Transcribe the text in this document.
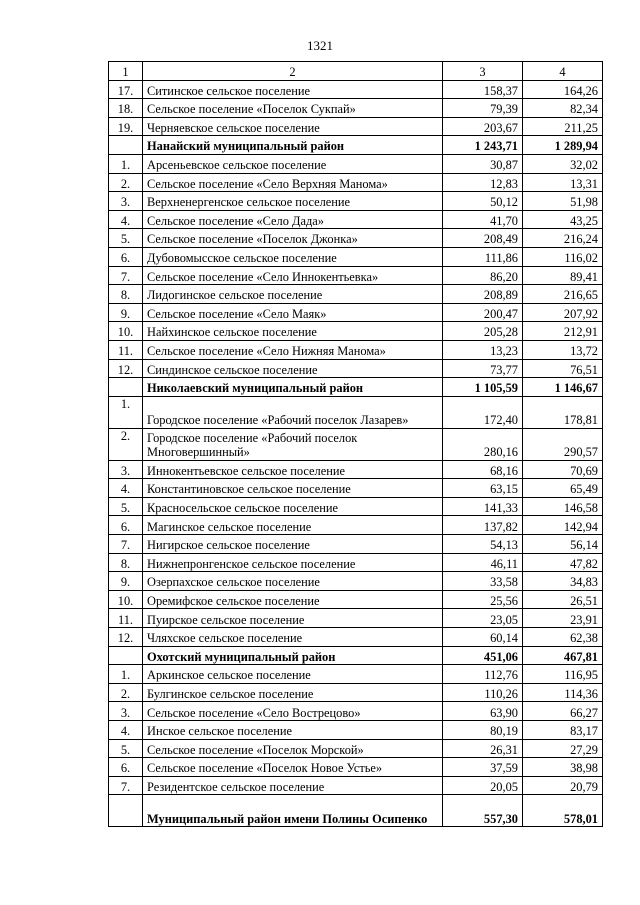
1321
1	2	3	4
17.	Ситинское сельское поселение	158,37	164,26
18.	Сельское поселение «Поселок Сукпай»	79,39	82,34
19.	Черняевское сельское поселение	203,67	211,25
	Нанайский муниципальный район	1 243,71	1 289,94
1.	Арсеньевское сельское поселение	30,87	32,02
2.	Сельское поселение «Село Верхняя Манома»	12,83	13,31
3.	Верхненергенское сельское поселение	50,12	51,98
4.	Сельское поселение «Село Дада»	41,70	43,25
5.	Сельское поселение «Поселок Джонка»	208,49	216,24
6.	Дубовомысское сельское поселение	111,86	116,02
7.	Сельское поселение «Село Иннокентьевка»	86,20	89,41
8.	Лидогинское сельское поселение	208,89	216,65
9.	Сельское поселение «Село Маяк»	200,47	207,92
10.	Найхинское сельское поселение	205,28	212,91
11.	Сельское поселение «Село Нижняя Манома»	13,23	13,72
12.	Синдинское сельское поселение	73,77	76,51
	Николаевский муниципальный район	1 105,59	1 146,67
1.	Городское поселение «Рабочий поселок Лазарев»	172,40	178,81
2.	Городское поселение «Рабочий поселок Многовершинный»	280,16	290,57
3.	Иннокентьевское сельское поселение	68,16	70,69
4.	Константиновское сельское поселение	63,15	65,49
5.	Красносельское сельское поселение	141,33	146,58
6.	Магинское сельское поселение	137,82	142,94
7.	Нигирское сельское поселение	54,13	56,14
8.	Нижнепронгенское сельское поселение	46,11	47,82
9.	Озерпахское сельское поселение	33,58	34,83
10.	Оремифское сельское поселение	25,56	26,51
11.	Пуирское сельское поселение	23,05	23,91
12.	Чляхское сельское поселение	60,14	62,38
	Охотский муниципальный район	451,06	467,81
1.	Аркинское сельское поселение	112,76	116,95
2.	Булгинское сельское поселение	110,26	114,36
3.	Сельское поселение «Село Вострецово»	63,90	66,27
4.	Инское сельское поселение	80,19	83,17
5.	Сельское поселение «Поселок Морской»	26,31	27,29
6.	Сельское поселение «Поселок Новое Устье»	37,59	38,98
7.	Резидентское сельское поселение	20,05	20,79
	Муниципальный район имени Полины Осипенко	557,30	578,01
